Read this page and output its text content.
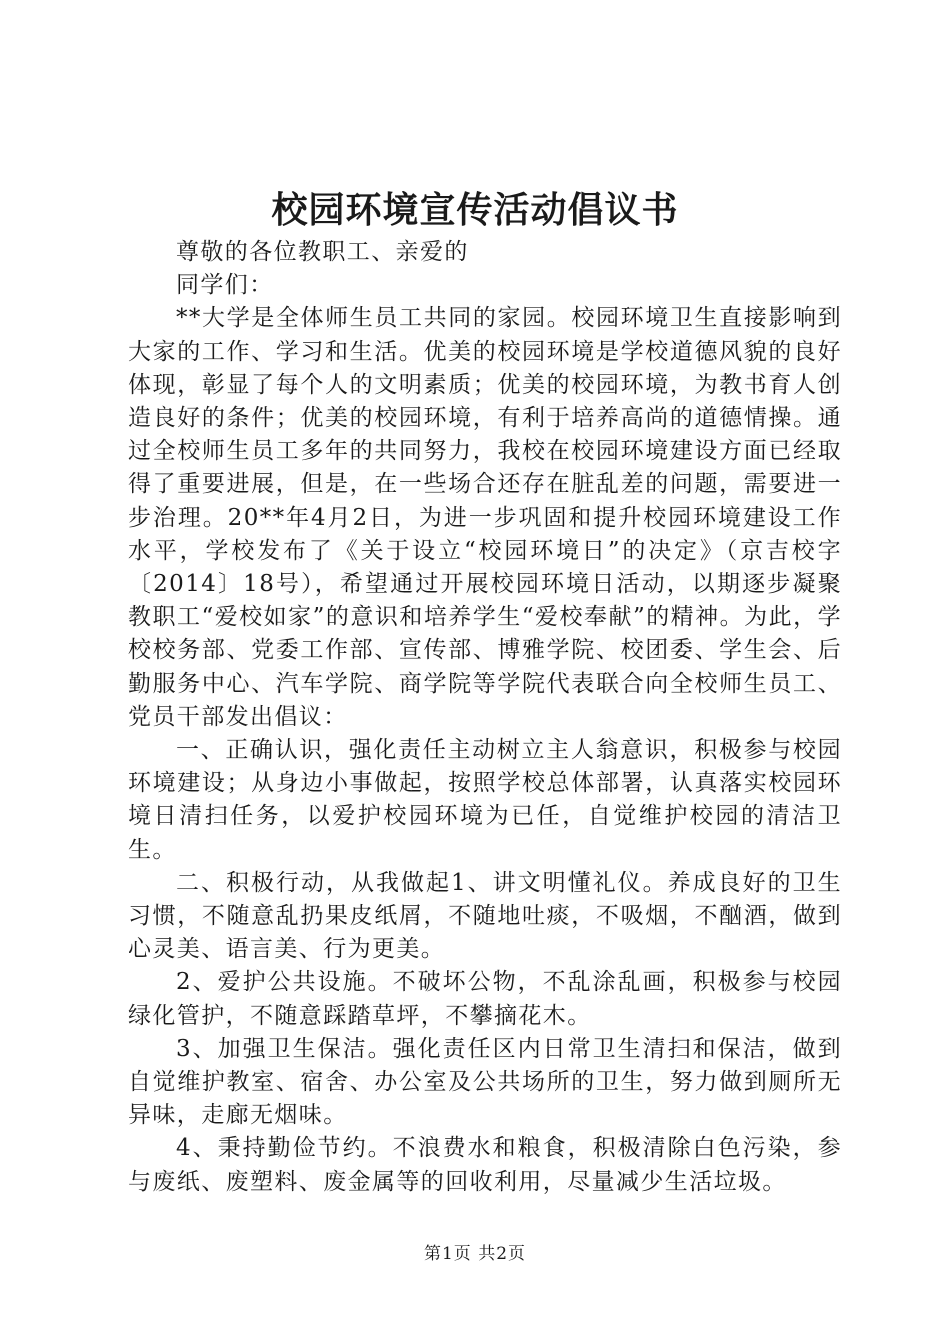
校园环境宣传活动倡议书

尊敬的各位教职工、亲爱的

同学们：

**大学是全体师生员工共同的家园。校园环境卫生直接影响到大家的工作、学习和生活。优美的校园环境是学校道德风貌的良好体现，彰显了每个人的文明素质；优美的校园环境，为教书育人创造良好的条件；优美的校园环境，有利于培养高尚的道德情操。通过全校师生员工多年的共同努力，我校在校园环境建设方面已经取得了重要进展，但是，在一些场合还存在脏乱差的问题，需要进一步治理。20**年4月2日，为进一步巩固和提升校园环境建设工作水平，学校发布了《关于设立“校园环境日”的决定》（京吉校字〔2014〕18号），希望通过开展校园环境日活动，以期逐步凝聚教职工“爱校如家”的意识和培养学生“爱校奉献”的精神。为此，学校校务部、党委工作部、宣传部、博雅学院、校团委、学生会、后勤服务中心、汽车学院、商学院等学院代表联合向全校师生员工、党员干部发出倡议：

一、正确认识，强化责任主动树立主人翁意识，积极参与校园环境建设；从身边小事做起，按照学校总体部署，认真落实校园环境日清扫任务，以爱护校园环境为已任，自觉维护校园的清洁卫生。

二、积极行动，从我做起1、讲文明懂礼仪。养成良好的卫生习惯，不随意乱扔果皮纸屑，不随地吐痰，不吸烟，不酗酒，做到心灵美、语言美、行为更美。

2、爱护公共设施。不破坏公物，不乱涂乱画，积极参与校园绿化管护，不随意踩踏草坪，不攀摘花木。

3、加强卫生保洁。强化责任区内日常卫生清扫和保洁，做到自觉维护教室、宿舍、办公室及公共场所的卫生，努力做到厕所无异味，走廊无烟味。

4、秉持勤俭节约。不浪费水和粮食，积极清除白色污染，参与废纸、废塑料、废金属等的回收利用，尽量减少生活垃圾。

第1页 共2页
